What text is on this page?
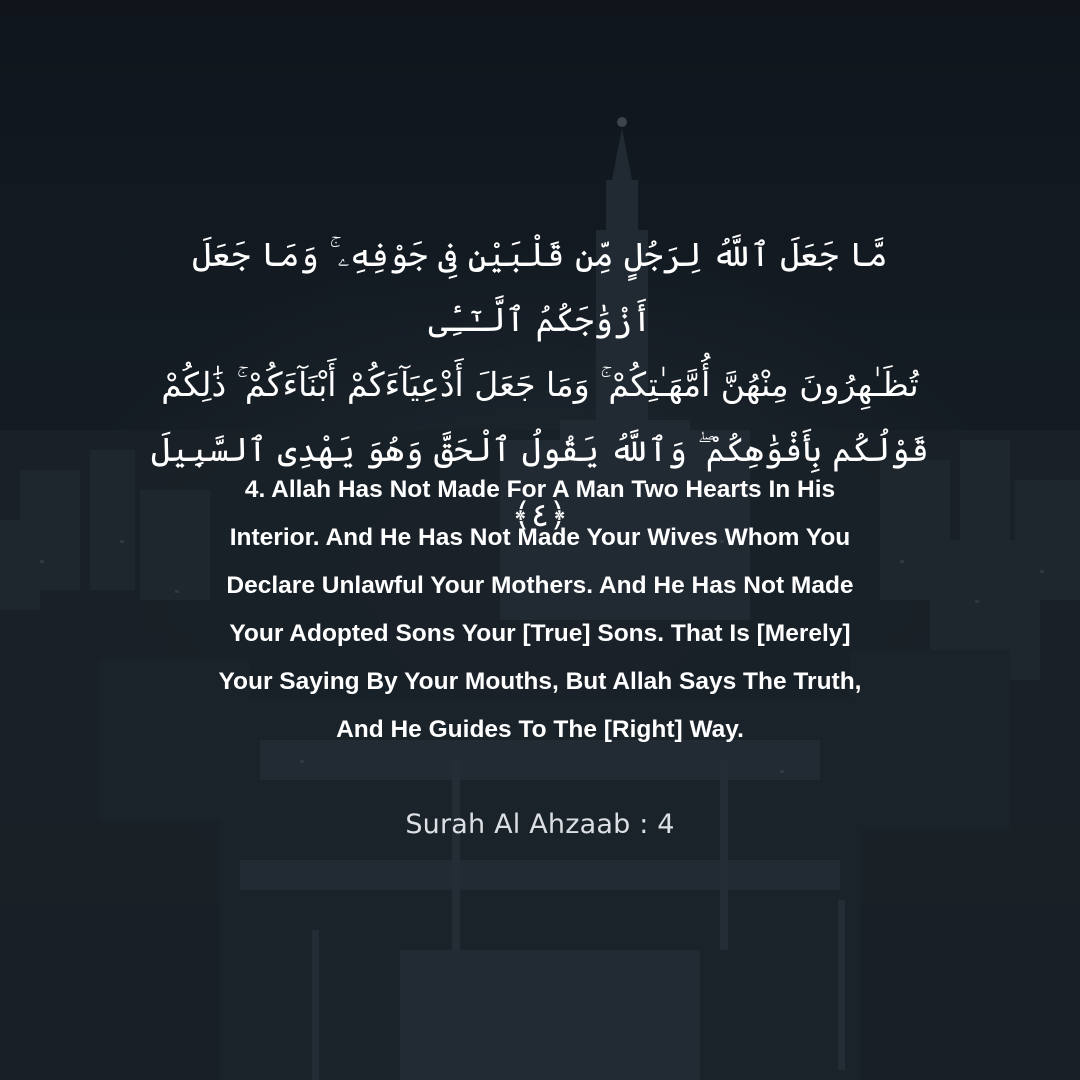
مَّا جَعَلَ ٱللَّهُ لِرَجُلٍ مِّن قَلْبَيْنِ فِى جَوْفِهِۦ ۚ وَمَا جَعَلَ أَزْوَٰجَكُمُ ٱلَّـٰٓـِٔى
تُظَـٰهِرُونَ مِنْهُنَّ أُمَّهَـٰتِكُمْ ۚ وَمَا جَعَلَ أَدْعِيَآءَكُمْ أَبْنَآءَكُمْ ۚ ذَٰلِكُمْ
قَوْلُكُم بِأَفْوَٰهِكُمْ ۖ وَٱللَّهُ يَقُولُ ٱلْحَقَّ وَهُوَ يَهْدِى ٱلسَّبِيلَ ﴿٤﴾
4. Allah Has Not Made For A Man Two Hearts In His
Interior. And He Has Not Made Your Wives Whom You
Declare Unlawful Your Mothers. And He Has Not Made
Your Adopted Sons Your [True] Sons. That Is [Merely]
Your Saying By Your Mouths, But Allah Says The Truth,
And He Guides To The [Right] Way.
Surah Al Ahzaab : 4
